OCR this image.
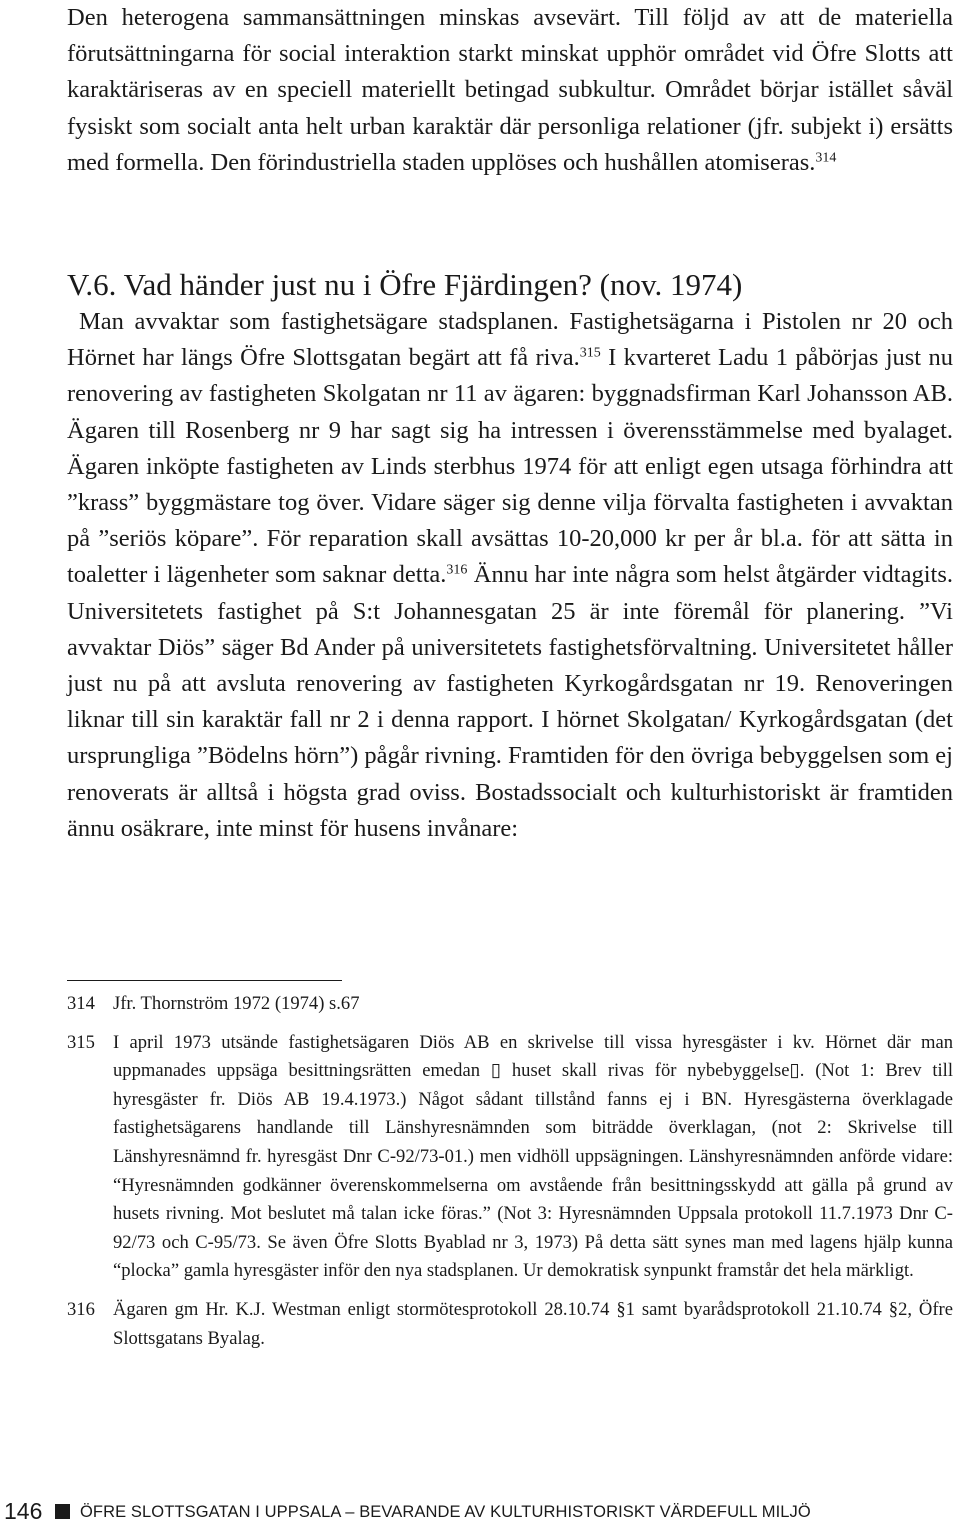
Den heterogena sammansättningen minskas avsevärt. Till följd av att de materiella förutsättningarna för social interaktion starkt minskat upphör området vid Öfre Slotts att karaktäriseras av en speciell materiellt betingad subkultur. Området börjar istället såväl fysiskt som socialt anta helt urban karaktär där personliga relationer (jfr. subjekt i) ersätts med formella. Den förindustriella staden upplöses och hushållen atomiseras.$^{314}$

V.6. Vad händer just nu i Öfre Fjärdingen? (nov. 1974)

Man avvaktar som fastighetsägare stadsplanen. Fastighetsägarna i Pistolen nr 20 och Hörnet har längs Öfre Slottsgatan begärt att få riva.$^{315}$ I kvarteret Ladu 1 påbörjas just nu renovering av fastigheten Skolgatan nr 11 av ägaren: byggnadsfirman Karl Johansson AB. Ägaren till Rosenberg nr 9 har sagt sig ha intressen i överensstämmelse med byalaget. Ägaren inköpte fastigheten av Linds sterbhus 1974 för att enligt egen utsaga förhindra att ”krass” byggmästare tog över. Vidare säger sig denne vilja förvalta fastigheten i avvaktan på ”seriös köpare”. För reparation skall avsättas 10-20,000 kr per år bl.a. för att sätta in toaletter i lägenheter som saknar detta.$^{316}$ Ännu har inte några som helst åtgärder vidtagits. Universitetets fastighet på S:t Johannesgatan 25 är inte föremål för planering. ”Vi avvaktar Diös” säger Bd Ander på universitetets fastighetsförvaltning. Universitetet håller just nu på att avsluta renovering av fastigheten Kyrkogårdsgatan nr 19. Renoveringen liknar till sin karaktär fall nr 2 i denna rapport. I hörnet Skolgatan/ Kyrkogårdsgatan (det ursprungliga ”Bödelns hörn”) pågår rivning. Framtiden för den övriga bebyggelsen som ej renoverats är alltså i högsta grad oviss. Bostadssocialt och kulturhistoriskt är framtiden ännu osäkrare, inte minst för husens invånare:

314 Jfr. Thornström 1972 (1974) s.67

315 I april 1973 utsände fastighetsägaren Diös AB en skrivelse till vissa hyresgäster i kv. Hörnet där man uppmanades uppsäga besittningsrätten emedan ▯ huset skall rivas för nybebyggelse▯. (Not 1: Brev till hyresgäster fr. Diös AB 19.4.1973.) Något sådant tillstånd fanns ej i BN. Hyresgästerna överklagade fastighetsägarens handlande till Länshyresnämnden som biträdde överklagan, (not 2: Skrivelse till Länshyresnämnd fr. hyresgäst Dnr C-92/73-01.) men vidhöll uppsägningen. Länshyresnämnden anförde vidare: “Hyresnämnden godkänner överenskommelserna om avstående från besittningsskydd att gälla på grund av husets rivning. Mot beslutet må talan icke föras.” (Not 3: Hyresnämnden Uppsala protokoll 11.7.1973 Dnr C-92/73 och C-95/73. Se även Öfre Slotts Byablad nr 3, 1973) På detta sätt synes man med lagens hjälp kunna “plocka” gamla hyresgäster inför den nya stadsplanen. Ur demokratisk synpunkt framstår det hela märkligt.

316 Ägaren gm Hr. K.J. Westman enligt stormötesprotokoll 28.10.74 §1 samt byarådsprotokoll 21.10.74 §2, Öfre Slottsgatans Byalag.

146 ÖFRE SLOTTSGATAN I UPPSALA – BEVARANDE AV KULTURHISTORISKT VÄRDEFULL MILJÖ
